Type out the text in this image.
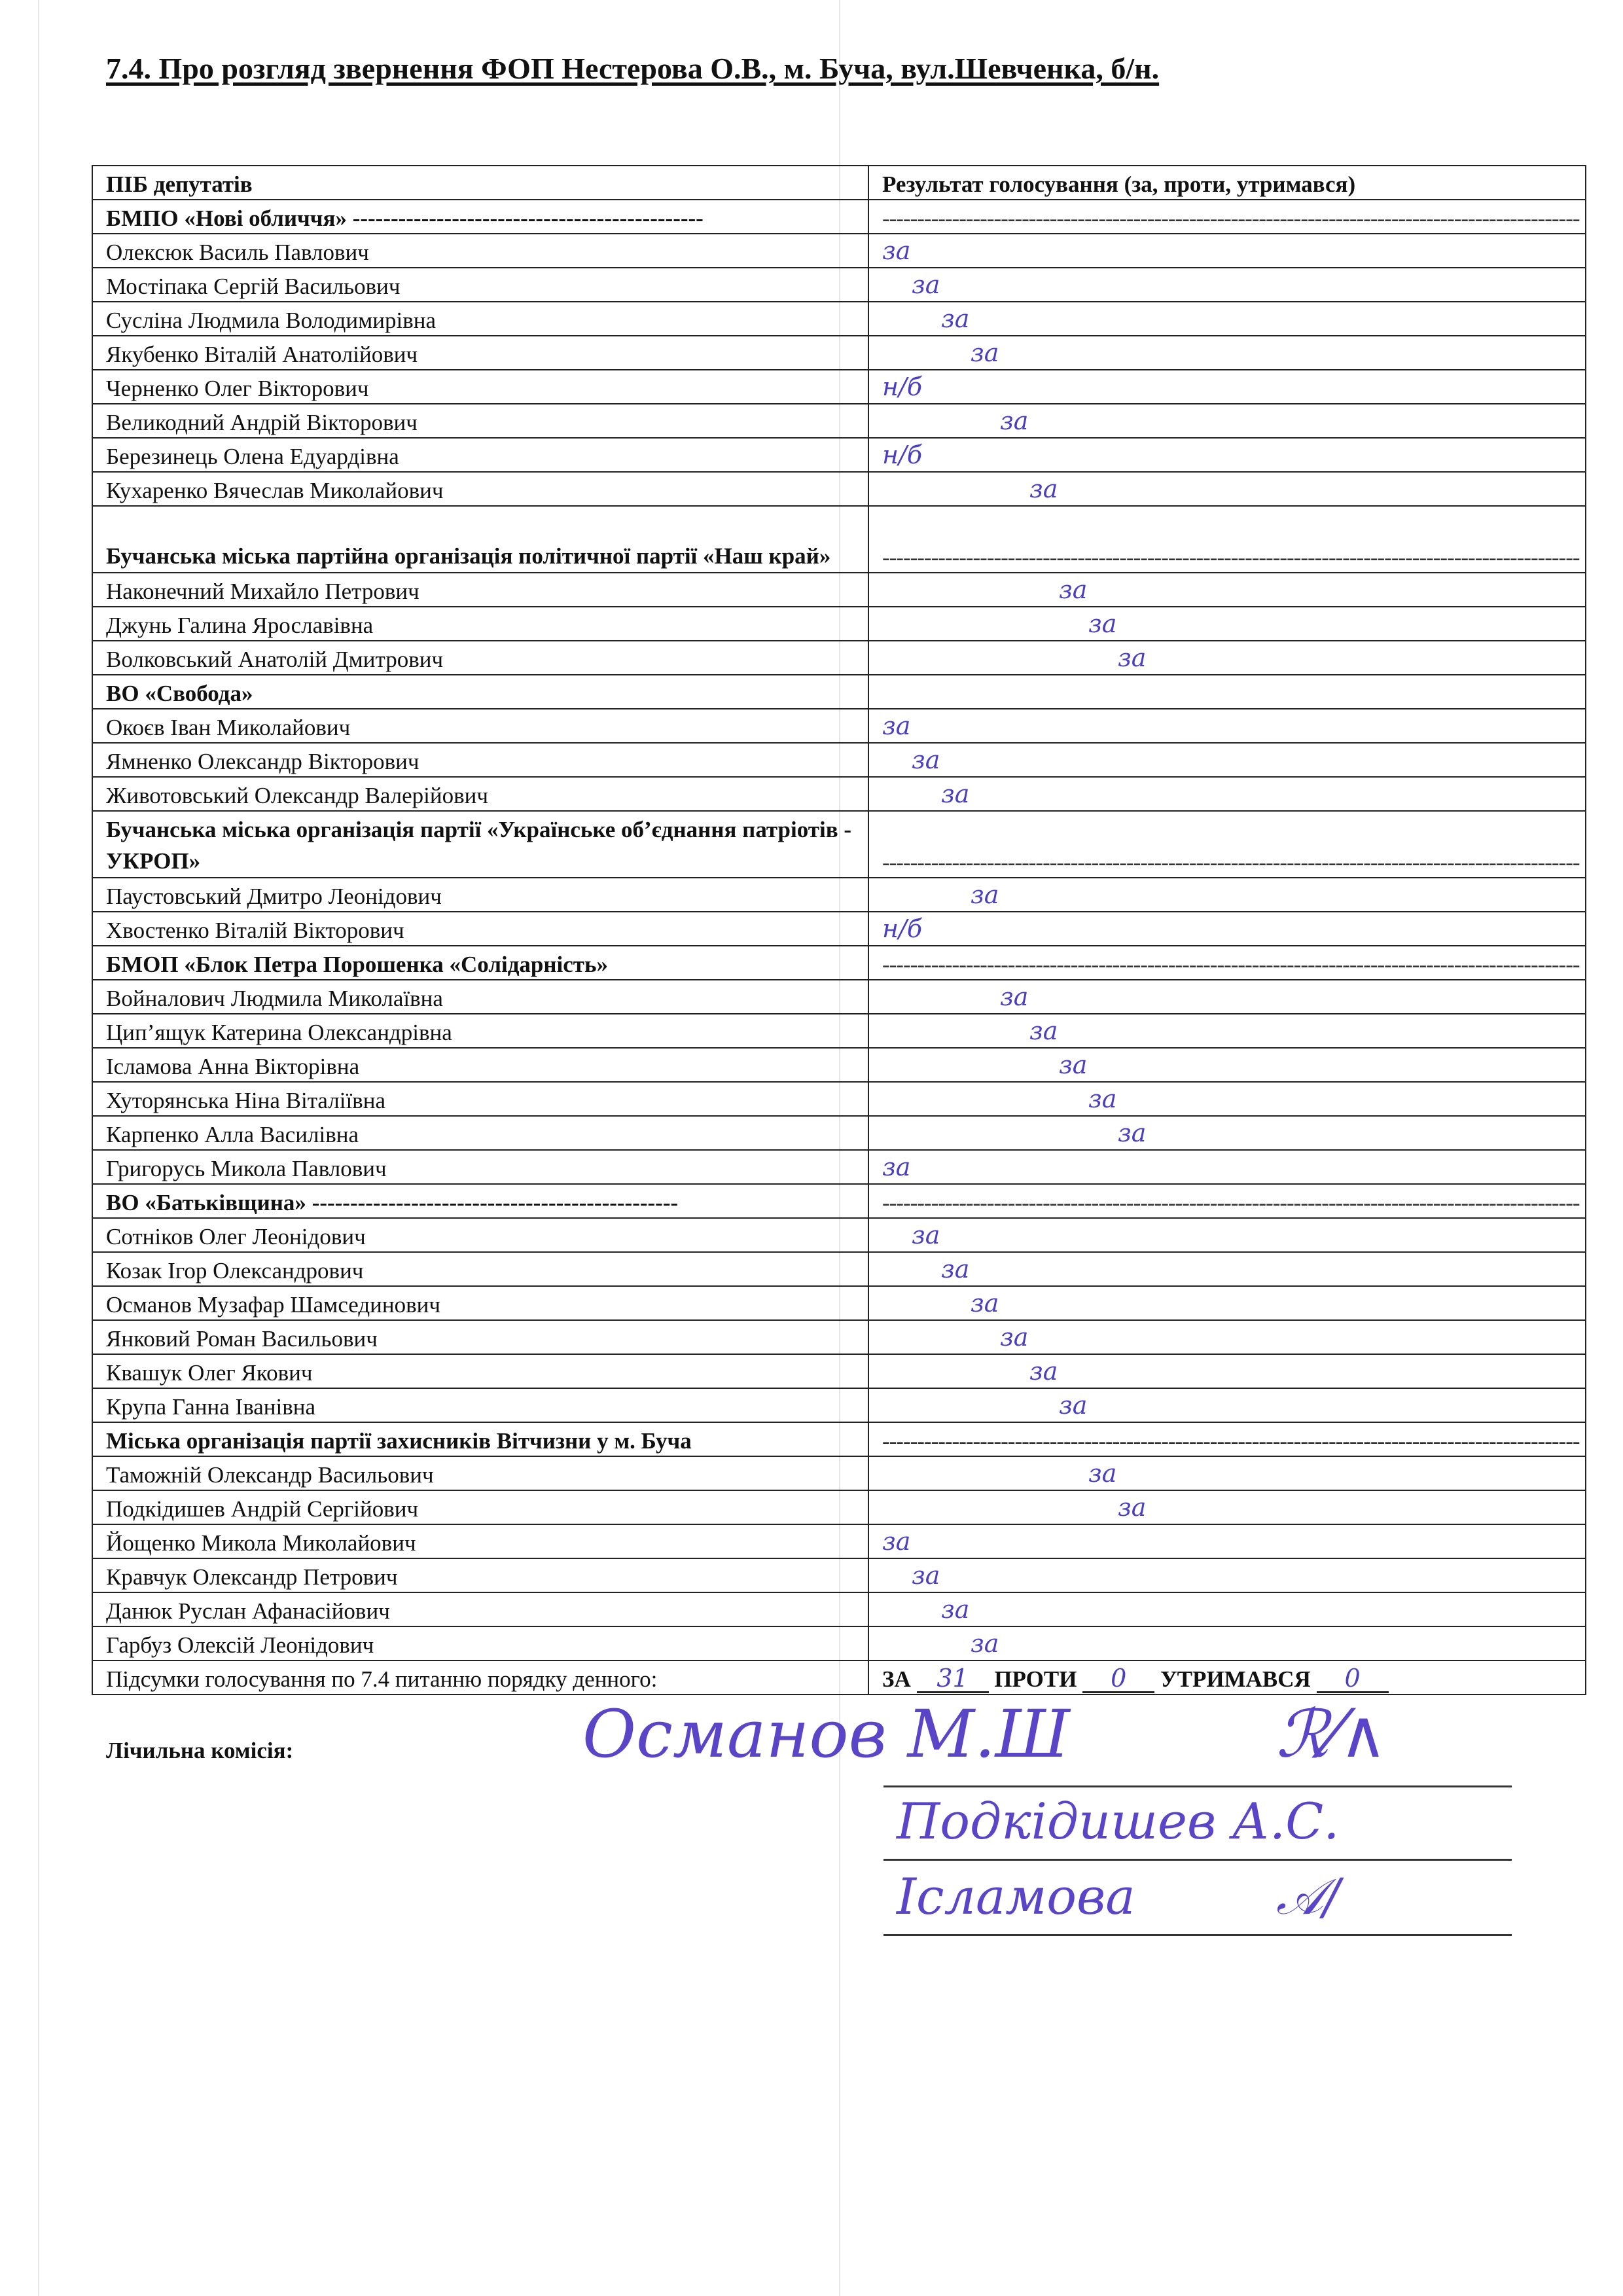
7.4. Про розгляд звернення ФОП Нестерова О.В., м. Буча, вул.Шевченка, б/н.
ПІБ депутатів	Результат голосування (за, проти, утримався)
БМПО «Нові обличчя» ----------------------------------------------	----------------------------------------------------------------------------------------------------
Олексюк Василь Павлович	за

Мостіпака Сергій Васильович	за

Сусліна Людмила Володимирівна	за

Якубенко Віталій Анатолійович	за

Черненко Олег Вікторович	н/б

Великодний Андрій Вікторович	за

Березинець Олена Едуардівна	н/б

Кухаренко Вячеслав Миколайович	за

Бучанська міська партійна організація політичної партії «Наш край»	----------------------------------------------------------------------------------------------------
Наконечний Михайло Петрович	за

Джунь Галина Ярославівна	за

Волковський Анатолій Дмитрович	за

ВО «Свобода»	
Окоєв Іван Миколайович	за

Ямненко Олександр Вікторович	за

Животовський Олександр Валерійович	за

Бучанська міська організація партії «Українське об’єднання патріотів - УКРОП»	----------------------------------------------------------------------------------------------------
Паустовський Дмитро Леонідович	за

Хвостенко Віталій Вікторович	н/б

БМОП «Блок Петра Порошенка «Солідарність»	----------------------------------------------------------------------------------------------------
Войналович Людмила Миколаївна	за

Цип’ящук Катерина Олександрівна	за

Ісламова Анна Вікторівна	за

Хуторянська Ніна Віталіївна	за

Карпенко Алла Василівна	за

Григорусь Микола Павлович	за

ВО «Батьківщина» ------------------------------------------------	----------------------------------------------------------------------------------------------------
Сотніков Олег Леонідович	за

Козак Ігор Олександрович	за

Османов Музафар Шамсединович	за

Янковий Роман Васильович	за

Квашук Олег Якович	за

Крупа Ганна Іванівна	за

Міська організація партії захисників Вітчизни у м. Буча	----------------------------------------------------------------------------------------------------
Таможній Олександр Васильович	за

Подкідишев Андрій Сергійович	за

Йощенко Микола Миколайович	за

Кравчук Олександр Петрович	за

Данюк Руслан Афанасійович	за

Гарбуз Олексій Леонідович	за

Підсумки голосування по 7.4 питанню порядку денного:	ЗА 31 ПРОТИ 0 УТРИМАВСЯ 0
Лічильна комісія:	Османов М.Ш	ℛ⁄∧
Подкідишев А.С.
Ісламова	𝒜∕
